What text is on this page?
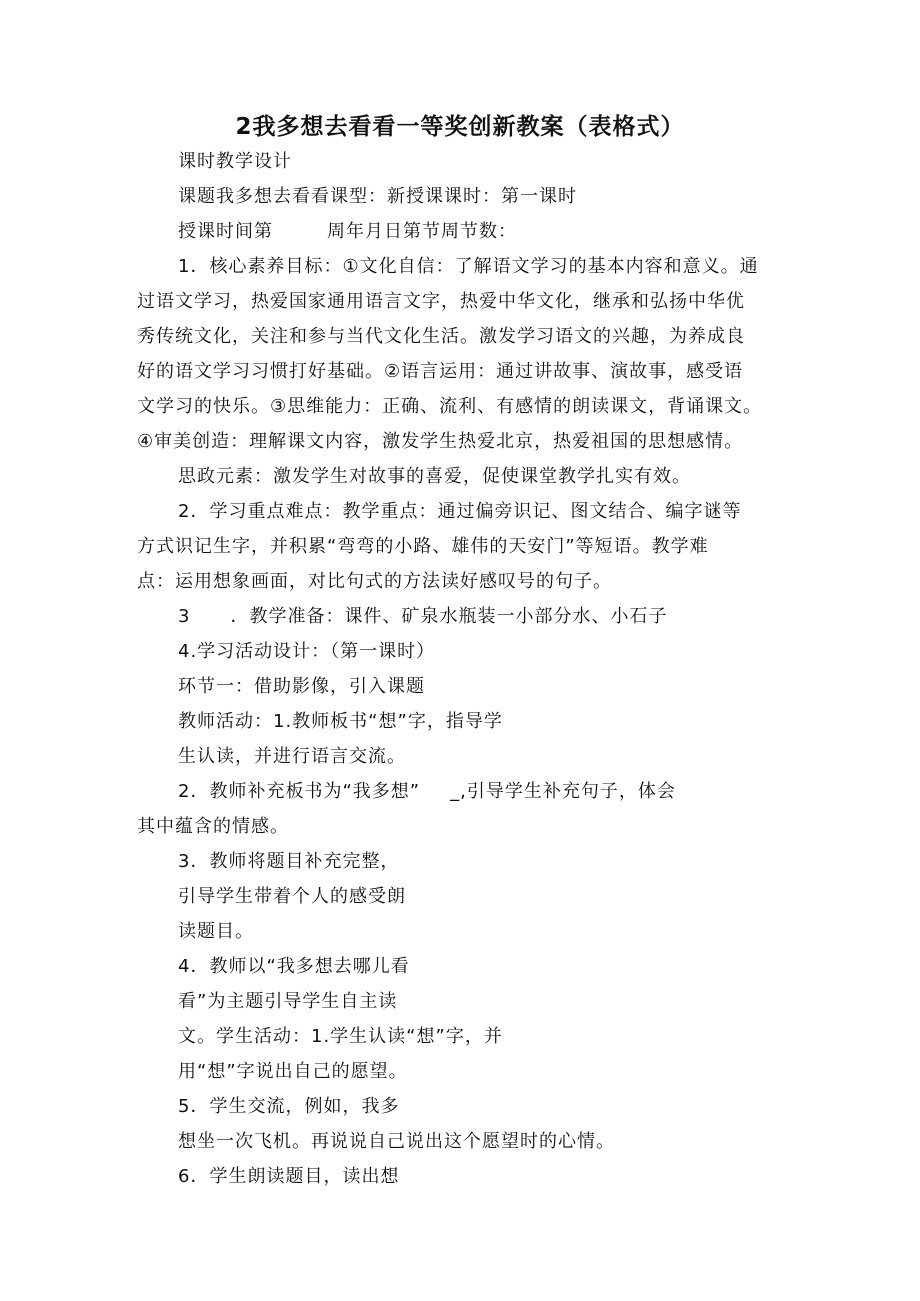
2我多想去看看一等奖创新教案（表格式）

课时教学设计

课题我多想去看看课型：新授课课时：第一课时

授课时间第	周年月日第节周节数：

1．核心素养目标：①文化自信：了解语文学习的基本内容和意义。通

过语文学习，热爱国家通用语言文字，热爱中华文化，继承和弘扬中华优

秀传统文化，关注和参与当代文化生活。激发学习语文的兴趣，为养成良

好的语文学习习惯打好基础。②语言运用：通过讲故事、演故事，感受语

文学习的快乐。③思维能力：正确、流利、有感情的朗读课文，背诵课文。

④审美创造：理解课文内容，激发学生热爱北京，热爱祖国的思想感情。

思政元素：激发学生对故事的喜爱，促使课堂教学扎实有效。

2．学习重点难点：教学重点：通过偏旁识记、图文结合、编字谜等

方式识记生字，并积累“弯弯的小路、雄伟的天安门”等短语。教学难

点：运用想象画面，对比句式的方法读好感叹号的句子。

3 ．教学准备：课件、矿泉水瓶装一小部分水、小石子

4.学习活动设计：（第一课时）

环节一：借助影像，引入课题

教师活动：1.教师板书“想”字，指导学

生认读，并进行语言交流。

2．教师补充板书为“我多想” _,引导学生补充句子，体会

其中蕴含的情感。

3．教师将题目补充完整，

引导学生带着个人的感受朗

读题目。

4．教师以“我多想去哪儿看

看”为主题引导学生自主读

文。学生活动：1.学生认读“想”字，并

用“想”字说出自己的愿望。

5．学生交流，例如，我多

想坐一次飞机。再说说自己说出这个愿望时的心情。

6．学生朗读题目，读出想
